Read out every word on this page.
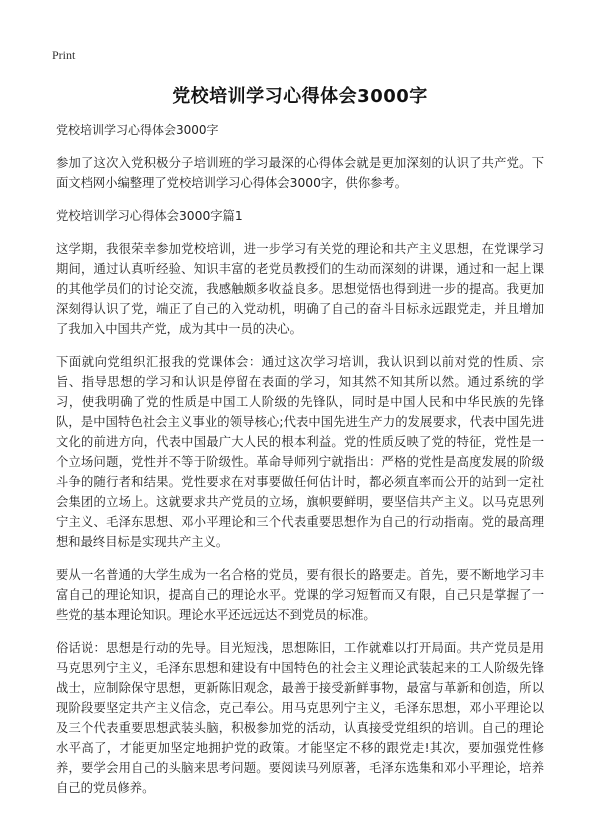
Print
党校培训学习心得体会3000字
党校培训学习心得体会3000字

参加了这次入党积极分子培训班的学习最深的心得体会就是更加深刻的认识了共产党。下面文档网小编整理了党校培训学习心得体会3000字，供你参考。

党校培训学习心得体会3000字篇1

这学期，我很荣幸参加党校培训，进一步学习有关党的理论和共产主义思想，在党课学习期间，通过认真听经验、知识丰富的老党员教授们的生动而深刻的讲课，通过和一起上课的其他学员们的讨论交流，我感触颇多收益良多。思想觉悟也得到进一步的提高。我更加深刻得认识了党，端正了自己的入党动机，明确了自己的奋斗目标永远跟党走，并且增加了我加入中国共产党，成为其中一员的决心。

下面就向党组织汇报我的党课体会：通过这次学习培训，我认识到以前对党的性质、宗旨、指导思想的学习和认识是停留在表面的学习，知其然不知其所以然。通过系统的学习，使我明确了党的性质是中国工人阶级的先锋队，同时是中国人民和中华民族的先锋队，是中国特色社会主义事业的领导核心;代表中国先进生产力的发展要求，代表中国先进文化的前进方向，代表中国最广大人民的根本利益。党的性质反映了党的特征，党性是一个立场问题，党性并不等于阶级性。革命导师列宁就指出：严格的党性是高度发展的阶级斗争的随行者和结果。党性要求在对事要做任何估计时，都必须直率而公开的站到一定社会集团的立场上。这就要求共产党员的立场，旗帜要鲜明，要坚信共产主义。以马克思列宁主义、毛泽东思想、邓小平理论和三个代表重要思想作为自己的行动指南。党的最高理想和最终目标是实现共产主义。

要从一名普通的大学生成为一名合格的党员，要有很长的路要走。首先，要不断地学习丰富自己的理论知识，提高自己的理论水平。党课的学习短暂而又有限，自己只是掌握了一些党的基本理论知识。理论水平还远远达不到党员的标准。

俗话说：思想是行动的先导。目光短浅，思想陈旧，工作就难以打开局面。共产党员是用马克思列宁主义，毛泽东思想和建设有中国特色的社会主义理论武装起来的工人阶级先锋战士，应制除保守思想，更新陈旧观念，最善于接受新鲜事物，最富与革新和创造，所以现阶段要坚定共产主义信念，克己奉公。用马克思列宁主义，毛泽东思想，邓小平理论以及三个代表重要思想武装头脑，积极参加党的活动，认真接受党组织的培训。自己的理论水平高了，才能更加坚定地拥护党的政策。才能坚定不移的跟党走!其次，要加强党性修养，要学会用自己的头脑来思考问题。要阅读马列原著，毛泽东选集和邓小平理论，培养自己的党员修养。
